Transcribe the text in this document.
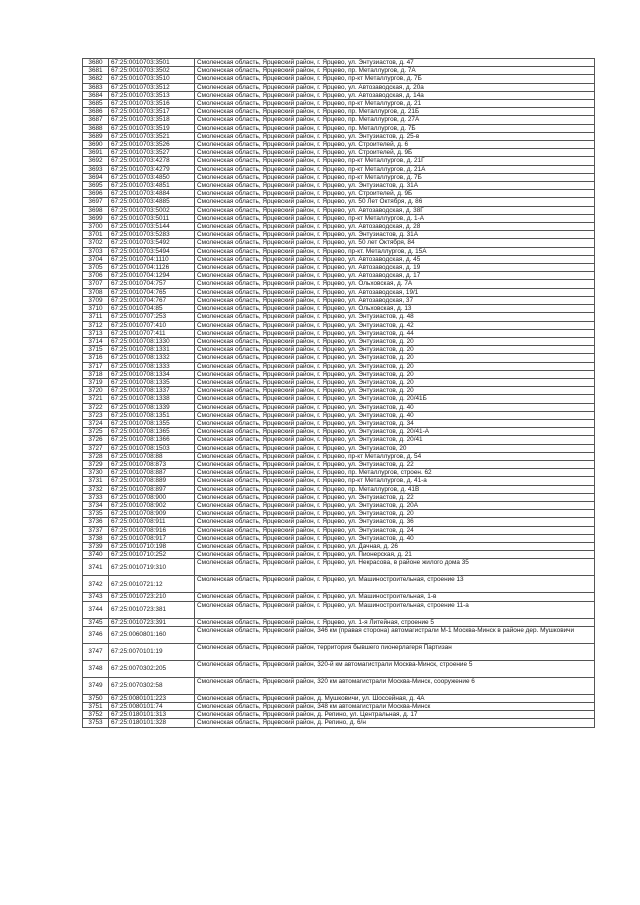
3680	67:25:0010703:3501	Смоленская область, Ярцевский район, г. Ярцево, ул. Энтузиастов, д. 47
3681	67:25:0010703:3502	Смоленская область, Ярцевский район, г. Ярцево, пр. Металлургов, д. 7А
3682	67:25:0010703:3510	Смоленская область, Ярцевский район, г. Ярцево, пр-кт Металлургов, д. 7Б
3683	67:25:0010703:3512	Смоленская область, Ярцевский район, г. Ярцево, ул. Автозаводская, д. 20а
3684	67:25:0010703:3513	Смоленская область, Ярцевский район, г. Ярцево, ул. Автозаводская, д. 14а
3685	67:25:0010703:3516	Смоленская область, Ярцевский район, г. Ярцево, пр-кт Металлургов, д. 21
3686	67:25:0010703:3517	Смоленская область, Ярцевский район, г. Ярцево, пр. Металлургов, д. 21Б
3687	67:25:0010703:3518	Смоленская область, Ярцевский район, г. Ярцево, пр. Металлургов, д. 27А
3688	67:25:0010703:3519	Смоленская область, Ярцевский район, г. Ярцево, пр. Металлургов, д. 7Б
3689	67:25:0010703:3521	Смоленская область, Ярцевский район, г. Ярцево, ул. Энтузиастов, д. 25-в
3690	67:25:0010703:3526	Смоленская область, Ярцевский район, г. Ярцево, ул. Строителей, д. 6
3691	67:25:0010703:3527	Смоленская область, Ярцевский район, г. Ярцево, ул. Строителей, д. 9Б
3692	67:25:0010703:4278	Смоленская область, Ярцевский район, г. Ярцево, пр-кт Металлургов, д. 21Г
3693	67:25:0010703:4279	Смоленская область, Ярцевский район, г. Ярцево, пр-кт Металлургов, д. 21А
3694	67:25:0010703:4850	Смоленская область, Ярцевский район, г. Ярцево, пр-кт Металлургов, д. 7Б
3695	67:25:0010703:4851	Смоленская область, Ярцевский район, г. Ярцево, ул. Энтузиастов, д. 31А
3696	67:25:0010703:4884	Смоленская область, Ярцевский район, г. Ярцево, ул. Строителей, д. 9Б
3697	67:25:0010703:4885	Смоленская область, Ярцевский район, г. Ярцево, ул. 50 Лет Октября, д. 86
3698	67:25:0010703:5002	Смоленская область, Ярцевский район, г. Ярцево, ул. Автозаводская, д. 38Г
3699	67:25:0010703:5011	Смоленская область, Ярцевский район, г. Ярцево, пр-кт Металлургов, д. 1-А
3700	67:25:0010703:5144	Смоленская область, Ярцевский район, г. Ярцево, ул. Автозаводская, д. 28
3701	67:25:0010703:5283	Смоленская область, Ярцевский район, г. Ярцево, ул. Энтузиастов, д. 31А
3702	67:25:0010703:5492	Смоленская область, Ярцевский район, г. Ярцево, ул. 50 лет Октября, 84
3703	67:25:0010703:5494	Смоленская область, Ярцевский район, г. Ярцево, пр-кт. Металлургов, д. 15А
3704	67:25:0010704:1110	Смоленская область, Ярцевский район, г. Ярцево, ул. Автозаводская, д. 45
3705	67:25:0010704:1126	Смоленская область, Ярцевский район, г. Ярцево, ул. Автозаводская, д. 19
3706	67:25:0010704:1294	Смоленская область, Ярцевский район, г. Ярцево, ул. Автозаводская, д. 17
3707	67:25:0010704:757	Смоленская область, Ярцевский район, г. Ярцево, ул. Ольховская, д. 7А
3708	67:25:0010704:765	Смоленская область, Ярцевский район, г. Ярцево, ул. Автозаводская, 19/1
3709	67:25:0010704:767	Смоленская область, Ярцевский район, г. Ярцево, ул. Автозаводская, 37
3710	67:25:0010704:85	Смоленская область, Ярцевский район, г. Ярцево, ул. Ольховская, д. 13
3711	67:25:0010707:253	Смоленская область, Ярцевский район, г. Ярцево, ул. Энтузиастов, д. 48
3712	67:25:0010707:410	Смоленская область, Ярцевский район, г. Ярцево, ул. Энтузиастов, д. 42
3713	67:25:0010707:411	Смоленская область, Ярцевский район, г. Ярцево, ул. Энтузиастов, д. 44
3714	67:25:0010708:1330	Смоленская область, Ярцевский район, г. Ярцево, ул. Энтузиастов, д. 20
3715	67:25:0010708:1331	Смоленская область, Ярцевский район, г. Ярцево, ул. Энтузиастов, д. 20
3716	67:25:0010708:1332	Смоленская область, Ярцевский район, г. Ярцево, ул. Энтузиастов, д. 20
3717	67:25:0010708:1333	Смоленская область, Ярцевский район, г. Ярцево, ул. Энтузиастов, д. 20
3718	67:25:0010708:1334	Смоленская область, Ярцевский район, г. Ярцево, ул. Энтузиастов, д. 20
3719	67:25:0010708:1335	Смоленская область, Ярцевский район, г. Ярцево, ул. Энтузиастов, д. 20
3720	67:25:0010708:1337	Смоленская область, Ярцевский район, г. Ярцево, ул. Энтузиастов, д. 20
3721	67:25:0010708:1338	Смоленская область, Ярцевский район, г. Ярцево, ул. Энтузиастов, д. 20/41Б
3722	67:25:0010708:1339	Смоленская область, Ярцевский район, г. Ярцево, ул. Энтузиастов, д. 40
3723	67:25:0010708:1351	Смоленская область, Ярцевский район, г. Ярцево, ул. Энтузиастов, д. 40
3724	67:25:0010708:1355	Смоленская область, Ярцевский район, г. Ярцево, ул. Энтузиастов, д. 34
3725	67:25:0010708:1365	Смоленская область, Ярцевский район, г. Ярцево, ул. Энтузиастов, д. 20/41-А
3726	67:25:0010708:1366	Смоленская область, Ярцевский район, г. Ярцево, ул. Энтузиастов, д. 20/41
3727	67:25:0010708:1503	Смоленская область, Ярцевский район, г. Ярцево, ул. Энтузиастов, 20
3728	67:25:0010708:88	Смоленская область, Ярцевский район, г. Ярцево, пр-кт Металлургов, д. 54
3729	67:25:0010708:873	Смоленская область, Ярцевский район, г. Ярцево, ул. Энтузиастов, д. 22
3730	67:25:0010708:887	Смоленская область, Ярцевский район, г. Ярцево, пр. Металлургов, строен. 62
3731	67:25:0010708:889	Смоленская область, Ярцевский район, г. Ярцево, пр-кт Металлургов, д. 41-а
3732	67:25:0010708:897	Смоленская область, Ярцевский район, г. Ярцево, пр. Металлургов, д. 41В
3733	67:25:0010708:900	Смоленская область, Ярцевский район, г. Ярцево, ул. Энтузиастов, д. 22
3734	67:25:0010708:902	Смоленская область, Ярцевский район, г. Ярцево, ул. Энтузиастов, д. 20А
3735	67:25:0010708:909	Смоленская область, Ярцевский район, г. Ярцево, ул. Энтузиастов, д. 20
3736	67:25:0010708:911	Смоленская область, Ярцевский район, г. Ярцево, ул. Энтузиастов, д. 36
3737	67:25:0010708:916	Смоленская область, Ярцевский район, г. Ярцево, ул. Энтузиастов, д. 24
3738	67:25:0010708:917	Смоленская область, Ярцевский район, г. Ярцево, ул. Энтузиастов, д. 40
3739	67:25:0010710:198	Смоленская область, Ярцевский район, г. Ярцево, ул. Дачная, д. 26
3740	67:25:0010710:252	Смоленская область, Ярцевский район, г. Ярцево, ул. Пионерская, д. 21
3741	67:25:0010719:310	Смоленская область, Ярцевский район, г. Ярцево, ул. Некрасова, в районе жилого дома 35
3742	67:25:0010721:12	Смоленская область, Ярцевский район, г. Ярцево, ул. Машиностроительная, строение 13
3743	67:25:0010723:210	Смоленская область, Ярцевский район, г. Ярцево, ул. Машиностроительная, 1-в
3744	67:25:0010723:381	Смоленская область, Ярцевский район, г. Ярцево, ул. Машиностроительная, строение 11-а
3745	67:25:0010723:391	Смоленская область, Ярцевский район, г. Ярцево, ул. 1-я Литейная, строение 5
3746	67:25:0060801:160	Смоленская область, Ярцевский район, 346 км (правая сторона) автомагистрали М-1 Москва-Минск в районе дер. Мушковичи
3747	67:25:0070101:19	Смоленская область, Ярцевский район, территория бывшего пионерлагеря Партизан
3748	67:25:0070302:205	Смоленская область, Ярцевский район, 320-й км автомагистрали Москва-Минск, строение 5
3749	67:25:0070302:58	Смоленская область, Ярцевский район, 320 км автомагистрали Москва-Минск, сооружение 6
3750	67:25:0080101:223	Смоленская область, Ярцевский район, д. Мушковичи, ул. Шоссейная, д. 4А
3751	67:25:0080101:74	Смоленская область, Ярцевский район, 348 км автомагистрали Москва-Минск
3752	67:25:0180101:313	Смоленская область, Ярцевский район, д. Репино, ул. Центральная, д. 17
3753	67:25:0180101:328	Смоленская область, Ярцевский район, д. Репино, д. 6/н
